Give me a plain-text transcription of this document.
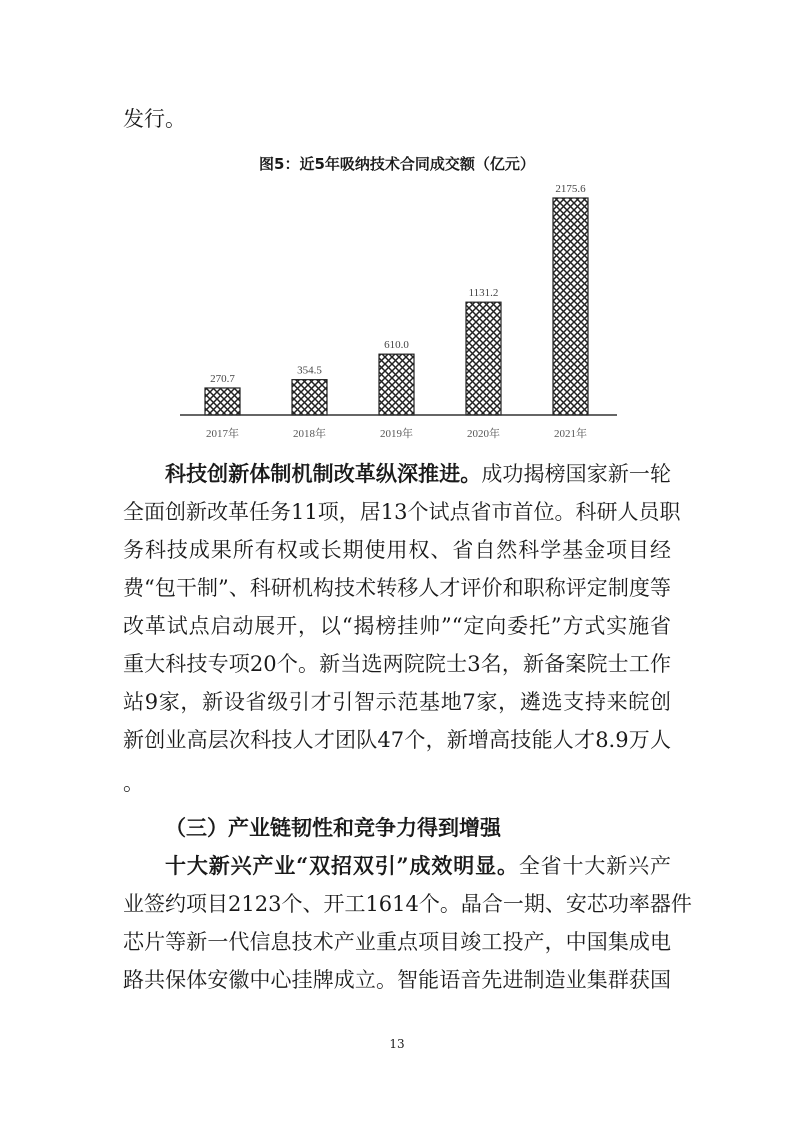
发行。
图5：近5年吸纳技术合同成交额（亿元）
270.7
2017年
354.5
2018年
610.0
2019年
1131.2
2020年
2175.6
2021年
科技创新体制机制改革纵深推进。成功揭榜国家新一轮
全面创新改革任务11项，居13个试点省市首位。科研人员职
务科技成果所有权或长期使用权、省自然科学基金项目经
费“包干制”、科研机构技术转移人才评价和职称评定制度等
改革试点启动展开，以“揭榜挂帅”“定向委托”方式实施省
重大科技专项20个。新当选两院院士3名，新备案院士工作
站9家，新设省级引才引智示范基地7家，遴选支持来皖创
新创业高层次科技人才团队47个，新增高技能人才8.9万人
。
（三）产业链韧性和竞争力得到增强
十大新兴产业“双招双引”成效明显。全省十大新兴产
业签约项目2123个、开工1614个。晶合一期、安芯功率器件
芯片等新一代信息技术产业重点项目竣工投产，中国集成电
路共保体安徽中心挂牌成立。智能语音先进制造业集群获国
13
